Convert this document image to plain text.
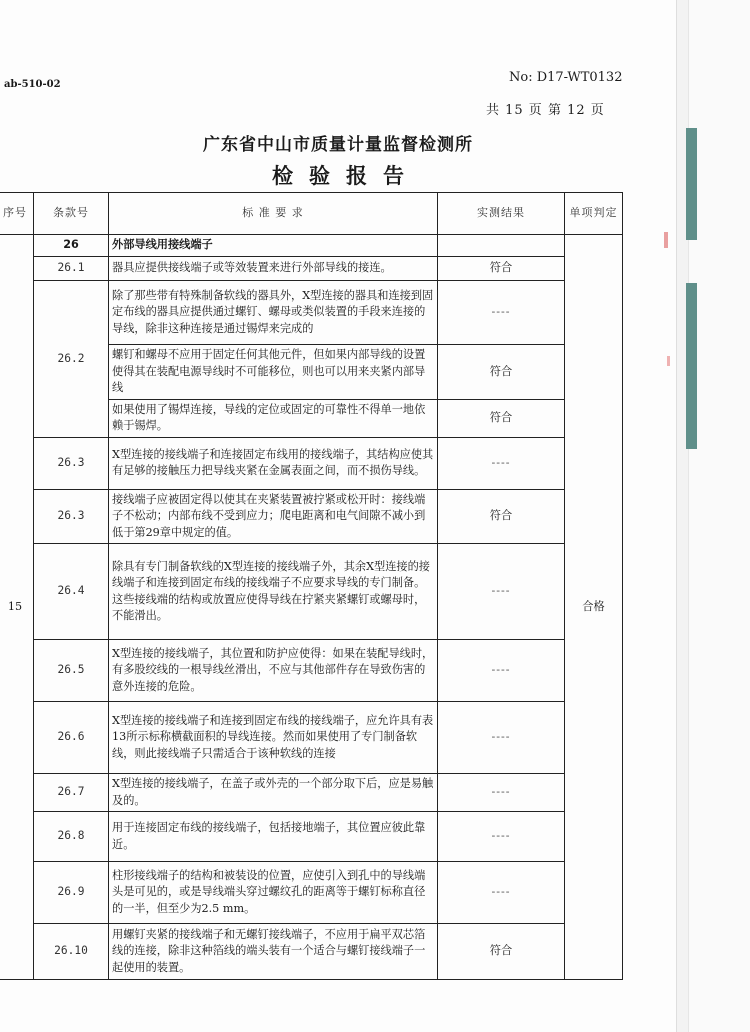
ab-510-02	No: D17-WT0132
共 15 页 第 12 页
广东省中山市质量计量监督检测所
检 验 报 告
序号	条款号	标 准 要 求	实测结果	单项判定
15	26	外部导线用接线端子		合格
	26.1	器具应提供接线端子或等效装置来进行外部导线的接连。	符合	
	26.2	除了那些带有特殊制备软线的器具外，X型连接的器具和连接到固定布线的器具应提供通过螺钉、螺母或类似装置的手段来连接的导线，除非这种连接是通过锡焊来完成的	----	
		螺钉和螺母不应用于固定任何其他元件，但如果内部导线的设置使得其在装配电源导线时不可能移位，则也可以用来夹紧内部导线	符合	
		如果使用了锡焊连接，导线的定位或固定的可靠性不得单一地依赖于锡焊。	符合	
	26.3	X型连接的接线端子和连接固定布线用的接线端子，其结构应使其有足够的接触压力把导线夹紧在金属表面之间，而不损伤导线。	----	
	26.3	接线端子应被固定得以使其在夹紧装置被拧紧或松开时：接线端子不松动；内部布线不受到应力；爬电距离和电气间隙不减小到低于第29章中规定的值。	符合	
	26.4	除具有专门制备软线的X型连接的接线端子外，其余X型连接的接线端子和连接到固定布线的接线端子不应要求导线的专门制备。这些接线端的结构或放置应使得导线在拧紧夹紧螺钉或螺母时，不能滑出。	----	
	26.5	X型连接的接线端子，其位置和防护应使得：如果在装配导线时，有多股绞线的一根导线丝滑出，不应与其他部件存在导致伤害的意外连接的危险。	----	
	26.6	X型连接的接线端子和连接到固定布线的接线端子，应允许具有表13所示标称横截面积的导线连接。然而如果使用了专门制备软线，则此接线端子只需适合于该种软线的连接	----	
	26.7	X型连接的接线端子，在盖子或外壳的一个部分取下后，应是易触及的。	----	
	26.8	用于连接固定布线的接线端子，包括接地端子，其位置应彼此靠近。	----	
	26.9	柱形接线端子的结构和被装设的位置，应使引入到孔中的导线端头是可见的，或是导线端头穿过螺纹孔的距离等于螺钉标称直径的一半，但至少为2.5 mm。	----	
	26.10	用螺钉夹紧的接线端子和无螺钉接线端子，不应用于扁平双芯箔线的连接，除非这种箔线的端头装有一个适合与螺钉接线端子一起使用的装置。	符合	
